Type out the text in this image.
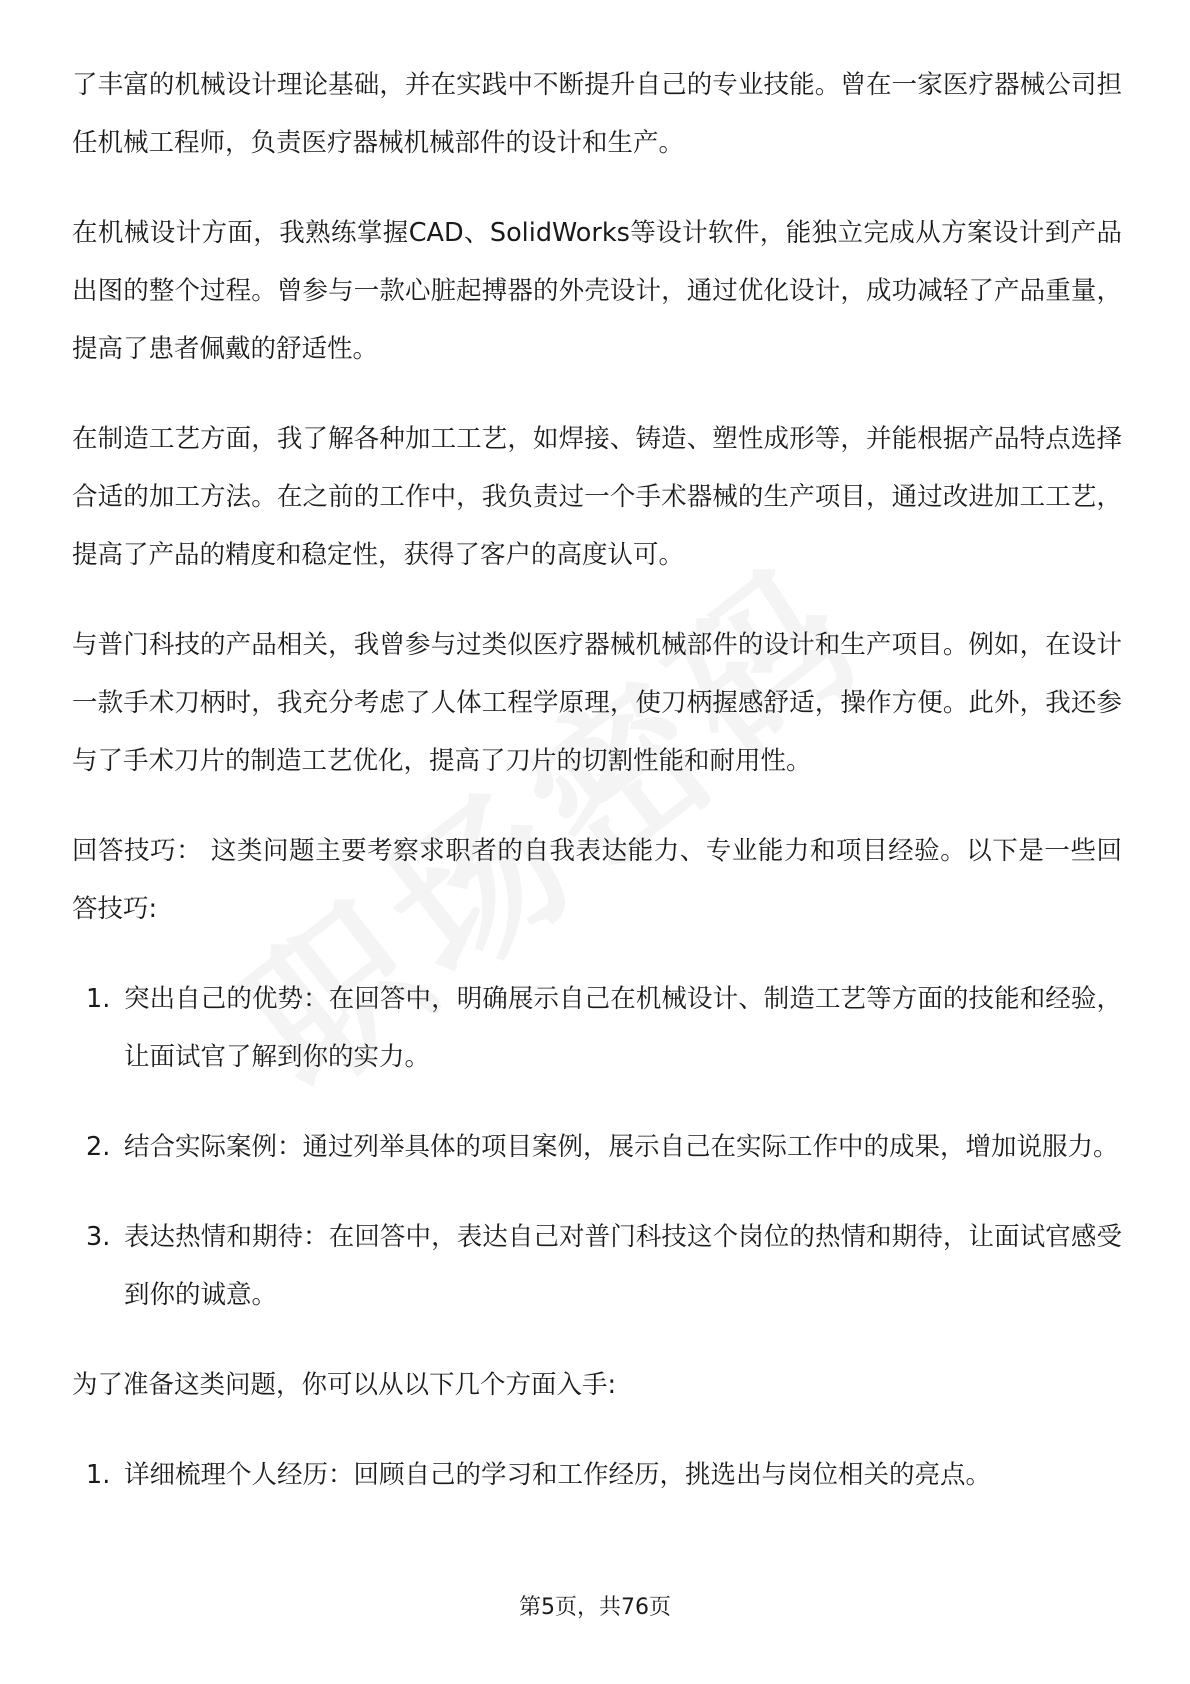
了丰富的机械设计理论基础，并在实践中不断提升自己的专业技能。曾在一家医疗器械公司担任机械工程师，负责医疗器械机械部件的设计和生产。

在机械设计方面，我熟练掌握CAD、SolidWorks等设计软件，能独立完成从方案设计到产品出图的整个过程。曾参与一款心脏起搏器的外壳设计，通过优化设计，成功减轻了产品重量，提高了患者佩戴的舒适性。

在制造工艺方面，我了解各种加工工艺，如焊接、铸造、塑性成形等，并能根据产品特点选择合适的加工方法。在之前的工作中，我负责过一个手术器械的生产项目，通过改进加工工艺，提高了产品的精度和稳定性，获得了客户的高度认可。

与普门科技的产品相关，我曾参与过类似医疗器械机械部件的设计和生产项目。例如，在设计一款手术刀柄时，我充分考虑了人体工程学原理，使刀柄握感舒适，操作方便。此外，我还参与了手术刀片的制造工艺优化，提高了刀片的切割性能和耐用性。

回答技巧： 这类问题主要考察求职者的自我表达能力、专业能力和项目经验。以下是一些回答技巧:

1. 突出自己的优势：在回答中，明确展示自己在机械设计、制造工艺等方面的技能和经验，让面试官了解到你的实力。
2. 结合实际案例：通过列举具体的项目案例，展示自己在实际工作中的成果，增加说服力。
3. 表达热情和期待：在回答中，表达自己对普门科技这个岗位的热情和期待，让面试官感受到你的诚意。

为了准备这类问题，你可以从以下几个方面入手:

1. 详细梳理个人经历：回顾自己的学习和工作经历，挑选出与岗位相关的亮点。
第5页，共76页
